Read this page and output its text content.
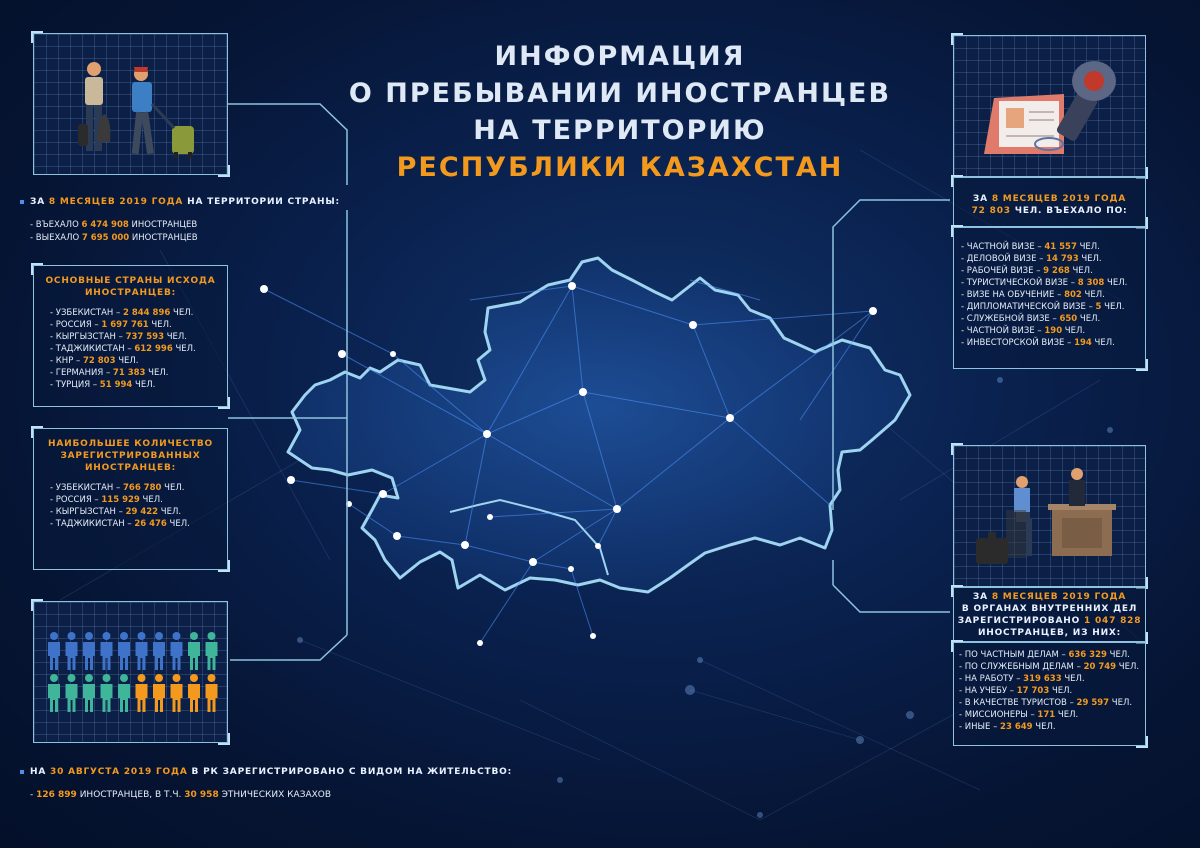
ИНФОРМАЦИЯ
О ПРЕБЫВАНИИ ИНОСТРАНЦЕВ
НА ТЕРРИТОРИЮ
РЕСПУБЛИКИ КАЗАХСТАН
ЗА 8 МЕСЯЦЕВ 2019 ГОДА НА ТЕРРИТОРИИ СТРАНЫ:
- ВЪЕХАЛО 6 474 908 ИНОСТРАНЦЕВ
- ВЫЕХАЛО 7 695 000 ИНОСТРАНЦЕВ
ОСНОВНЫЕ СТРАНЫ ИСХОДА ИНОСТРАНЦЕВ:
- УЗБЕКИСТАН – 2 844 896 ЧЕЛ.
- РОССИЯ – 1 697 761 ЧЕЛ.
- КЫРГЫЗСТАН – 737 593 ЧЕЛ.
- ТАДЖИКИСТАН – 612 996 ЧЕЛ.
- КНР – 72 803 ЧЕЛ.
- ГЕРМАНИЯ – 71 383 ЧЕЛ.
- ТУРЦИЯ – 51 994 ЧЕЛ.
НАИБОЛЬШЕЕ КОЛИЧЕСТВО ЗАРЕГИСТРИРОВАННЫХ ИНОСТРАНЦЕВ:
- УЗБЕКИСТАН – 766 780 ЧЕЛ.
- РОССИЯ – 115 929 ЧЕЛ.
- КЫРГЫЗСТАН – 29 422 ЧЕЛ.
- ТАДЖИКИСТАН – 26 476 ЧЕЛ.
НА 30 АВГУСТА 2019 ГОДА В РК ЗАРЕГИСТРИРОВАНО С ВИДОМ НА ЖИТЕЛЬСТВО:
- 126 899 ИНОСТРАНЦЕВ, В Т.Ч. 30 958 ЭТНИЧЕСКИХ КАЗАХОВ
ЗА 8 МЕСЯЦЕВ 2019 ГОДА
72 803 ЧЕЛ. ВЪЕХАЛО ПО:
- ЧАСТНОЙ ВИЗЕ – 41 557 ЧЕЛ.
- ДЕЛОВОЙ ВИЗЕ – 14 793 ЧЕЛ.
- РАБОЧЕЙ ВИЗЕ – 9 268 ЧЕЛ.
- ТУРИСТИЧЕСКОЙ ВИЗЕ – 8 308 ЧЕЛ.
- ВИЗЕ НА ОБУЧЕНИЕ – 802 ЧЕЛ.
- ДИПЛОМАТИЧЕСКОЙ ВИЗЕ – 5 ЧЕЛ.
- СЛУЖЕБНОЙ ВИЗЕ – 650 ЧЕЛ.
- ЧАСТНОЙ ВИЗЕ – 190 ЧЕЛ.
- ИНВЕСТОРСКОЙ ВИЗЕ – 194 ЧЕЛ.
ЗА 8 МЕСЯЦЕВ 2019 ГОДА
В ОРГАНАХ ВНУТРЕННИХ ДЕЛ
ЗАРЕГИСТРИРОВАНО 1 047 828
ИНОСТРАНЦЕВ, ИЗ НИХ:
- ПО ЧАСТНЫМ ДЕЛАМ – 636 329 ЧЕЛ.
- ПО СЛУЖЕБНЫМ ДЕЛАМ – 20 749 ЧЕЛ.
- НА РАБОТУ – 319 633 ЧЕЛ.
- НА УЧЕБУ – 17 703 ЧЕЛ.
- В КАЧЕСТВЕ ТУРИСТОВ – 29 597 ЧЕЛ.
- МИССИОНЕРЫ – 171 ЧЕЛ.
- ИНЫЕ – 23 649 ЧЕЛ.
